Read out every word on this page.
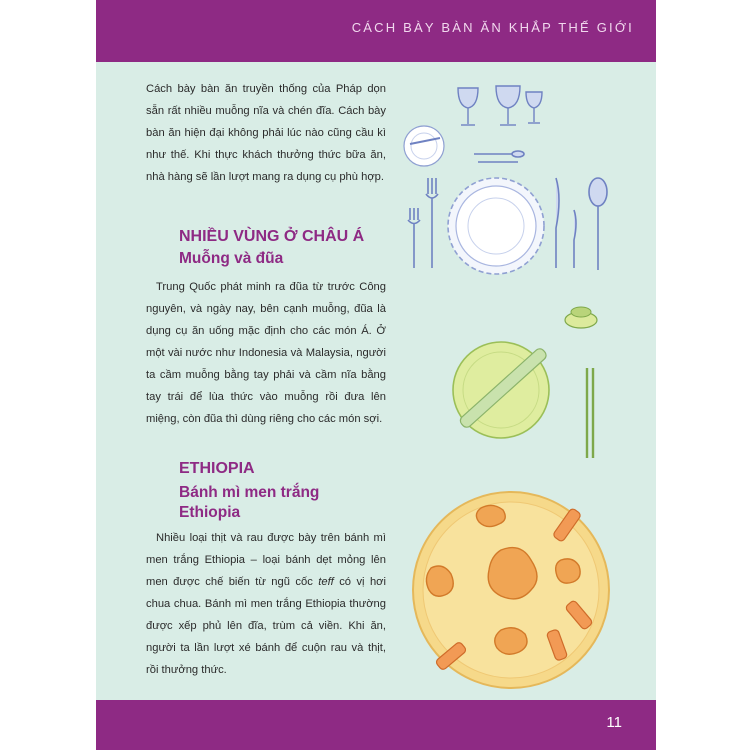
CÁCH BÀY BÀN ĂN KHẮP THẾ GIỚI

Cách bày bàn ăn truyền thống của Pháp dọn sẵn rất nhiều muỗng nĩa và chén đĩa. Cách bày bàn ăn hiện đại không phải lúc nào cũng cầu kì như thế. Khi thực khách thưởng thức bữa ăn, nhà hàng sẽ lần lượt mang ra dụng cụ phù hợp.

NHIỀU VÙNG Ở CHÂU Á
Muỗng và đũa

Trung Quốc phát minh ra đũa từ trước Công nguyên, và ngày nay, bên cạnh muỗng, đũa là dụng cụ ăn uống mặc định cho các món Á. Ở một vài nước như Indonesia và Malaysia, người ta cầm muỗng bằng tay phải và cầm nĩa bằng tay trái để lùa thức vào muỗng rồi đưa lên miệng, còn đũa thì dùng riêng cho các món sợi.

ETHIOPIA
Bánh mì men trắng
Ethiopia

Nhiều loại thịt và rau được bày trên bánh mì men trắng Ethiopia – loại bánh dẹt mỏng lên men được chế biến từ ngũ cốc teff có vị hơi chua chua. Bánh mì men trắng Ethiopia thường được xếp phủ lên đĩa, trùm cả viền. Khi ăn, người ta lần lượt xé bánh để cuộn rau và thịt, rồi thưởng thức.

11
